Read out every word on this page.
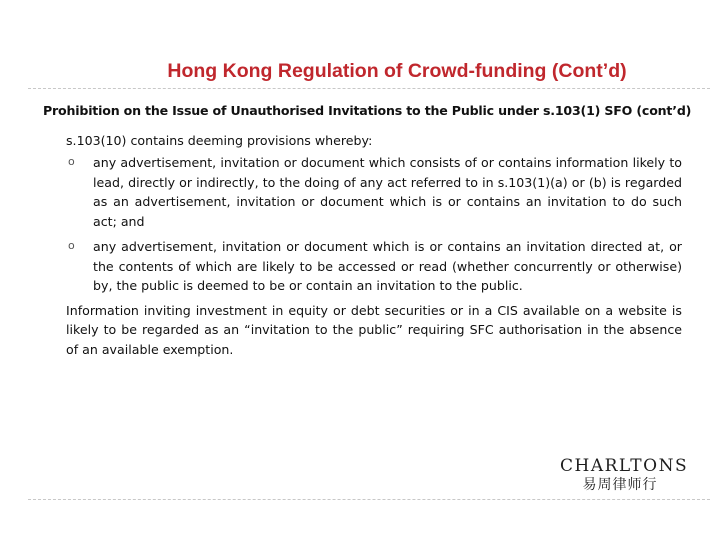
Hong Kong Regulation of Crowd-funding (Cont’d)
Prohibition on the Issue of Unauthorised Invitations to the Public under s.103(1) SFO (cont’d)
s.103(10) contains deeming provisions whereby:
o any advertisement, invitation or document which consists of or contains information likely to lead, directly or indirectly, to the doing of any act referred to in s.103(1)(a) or (b) is regarded as an advertisement, invitation or document which is or contains an invitation to do such act; and
o any advertisement, invitation or document which is or contains an invitation directed at, or the contents of which are likely to be accessed or read (whether concurrently or otherwise) by, the public is deemed to be or contain an invitation to the public.
Information inviting investment in equity or debt securities or in a CIS available on a website is likely to be regarded as an “invitation to the public” requiring SFC authorisation in the absence of an available exemption.
CHARLTONS
易周律师行
